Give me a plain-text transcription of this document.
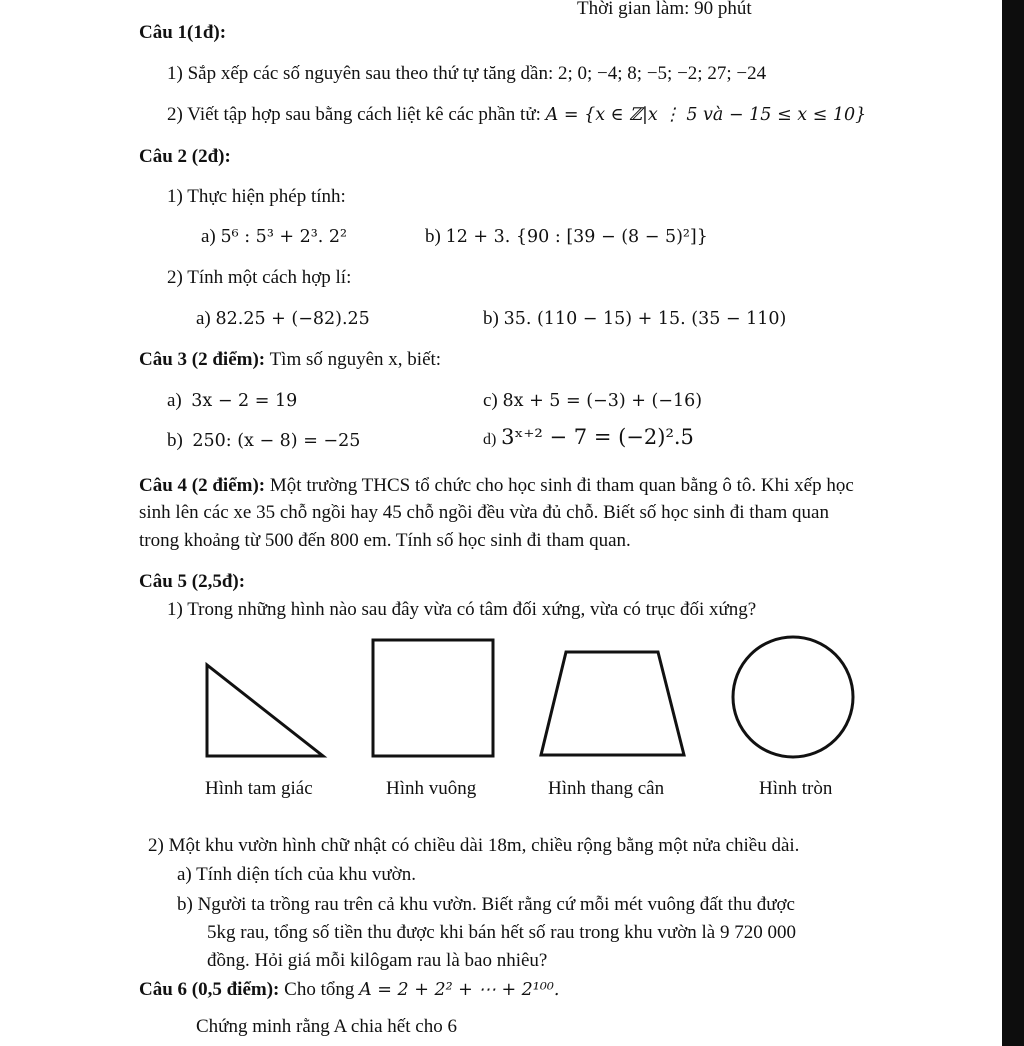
Thời gian làm: 90 phút
Câu 1(1đ):
1) Sắp xếp các số nguyên sau theo thứ tự tăng dần: 2; 0; −4; 8; −5; −2; 27; −24
2) Viết tập hợp sau bằng cách liệt kê các phần tử: A = {x ∈ ℤ|x ⋮ 5 và − 15 ≤ x ≤ 10}
Câu 2 (2đ):
1) Thực hiện phép tính:
a) 5⁶ : 5³ + 2³. 2²	b) 12 + 3. {90 : [39 − (8 − 5)²]}
2) Tính một cách hợp lí:
a) 82.25 + (−82).25	b) 35. (110 − 15) + 15. (35 − 110)
Câu 3 (2 điểm): Tìm số nguyên x, biết:
a) 3x − 2 = 19	c) 8x + 5 = (−3) + (−16)
b) 250: (x − 8) = −25	d) 3ˣ⁺² − 7 = (−2)².5
Câu 4 (2 điểm): Một trường THCS tổ chức cho học sinh đi tham quan bằng ô tô. Khi xếp học
sinh lên các xe 35 chỗ ngồi hay 45 chỗ ngồi đều vừa đủ chỗ. Biết số học sinh đi tham quan
trong khoảng từ 500 đến 800 em. Tính số học sinh đi tham quan.
Câu 5 (2,5đ):
1) Trong những hình nào sau đây vừa có tâm đối xứng, vừa có trục đối xứng?
Hình tam giác	Hình vuông	Hình thang cân	Hình tròn
2) Một khu vườn hình chữ nhật có chiều dài 18m, chiều rộng bằng một nửa chiều dài.
a) Tính diện tích của khu vườn.
b) Người ta trồng rau trên cả khu vườn. Biết rằng cứ mỗi mét vuông đất thu được
5kg rau, tổng số tiền thu được khi bán hết số rau trong khu vườn là 9 720 000
đồng. Hỏi giá mỗi kilôgam rau là bao nhiêu?
Câu 6 (0,5 điểm): Cho tổng A = 2 + 2² + ⋯ + 2¹⁰⁰.
Chứng minh rằng A chia hết cho 6
